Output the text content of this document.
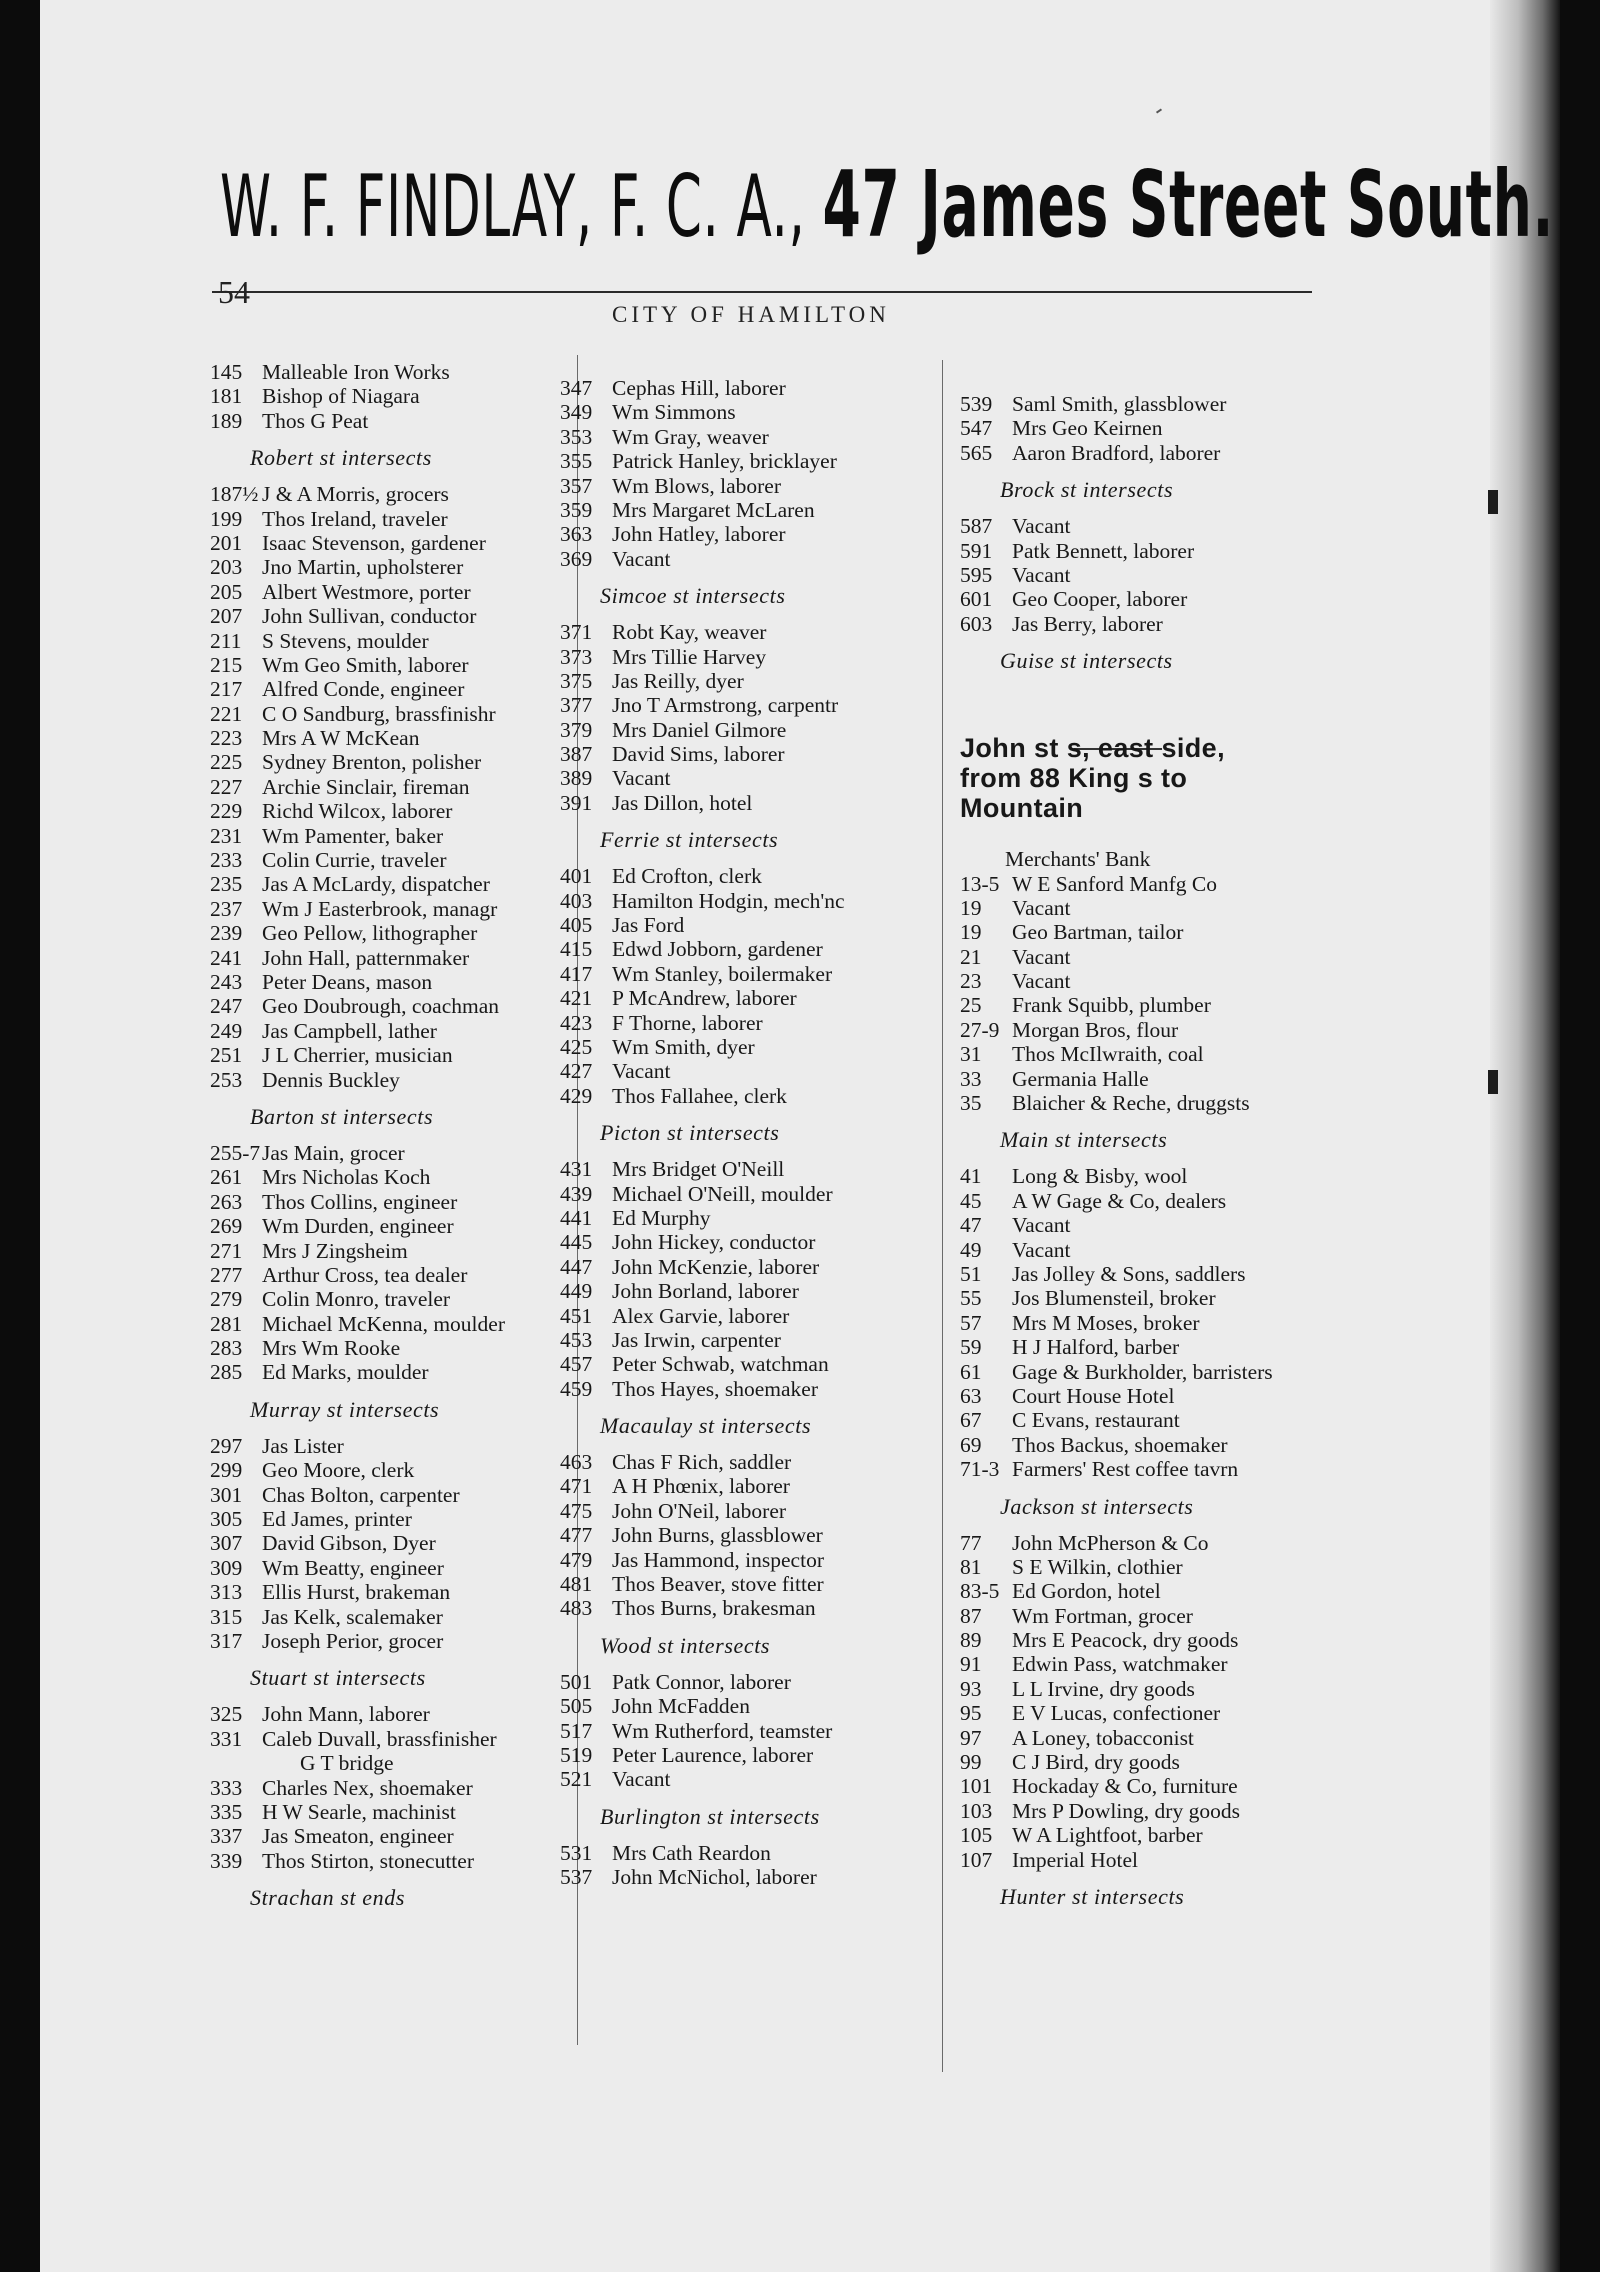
W. F. FINDLAY, F. C. A., 47 James Street South.
54
CITY OF HAMILTON
145 Malleable Iron Works
181 Bishop of Niagara
189 Thos G Peat
Robert st intersects
187½ J & A Morris, grocers
199 Thos Ireland, traveler
201 Isaac Stevenson, gardener
203 Jno Martin, upholsterer
205 Albert Westmore, porter
207 John Sullivan, conductor
211 S Stevens, moulder
215 Wm Geo Smith, laborer
217 Alfred Conde, engineer
221 C O Sandburg, brassfinishr
223 Mrs A W McKean
225 Sydney Brenton, polisher
227 Archie Sinclair, fireman
229 Richd Wilcox, laborer
231 Wm Pamenter, baker
233 Colin Currie, traveler
235 Jas A McLardy, dispatcher
237 Wm J Easterbrook, managr
239 Geo Pellow, lithographer
241 John Hall, patternmaker
243 Peter Deans, mason
247 Geo Doubrough, coachman
249 Jas Campbell, lather
251 J L Cherrier, musician
253 Dennis Buckley
Barton st intersects
255-7Jas Main, grocer
261 Mrs Nicholas Koch
263 Thos Collins, engineer
269 Wm Durden, engineer
271 Mrs J Zingsheim
277 Arthur Cross, tea dealer
279 Colin Monro, traveler
281 Michael McKenna, moulder
283 Mrs Wm Rooke
285 Ed Marks, moulder
Murray st intersects
297 Jas Lister
299 Geo Moore, clerk
301 Chas Bolton, carpenter
305 Ed James, printer
307 David Gibson, Dyer
309 Wm Beatty, engineer
313 Ellis Hurst, brakeman
315 Jas Kelk, scalemaker
317 Joseph Perior, grocer
Stuart st intersects
325 John Mann, laborer
331 Caleb Duvall, brassfinisher
G T bridge
333 Charles Nex, shoemaker
335 H W Searle, machinist
337 Jas Smeaton, engineer
339 Thos Stirton, stonecutter
Strachan st ends
347 Cephas Hill, laborer
349 Wm Simmons
353 Wm Gray, weaver
355 Patrick Hanley, bricklayer
357 Wm Blows, laborer
359 Mrs Margaret McLaren
363 John Hatley, laborer
369 Vacant
Simcoe st intersects
371 Robt Kay, weaver
373 Mrs Tillie Harvey
375 Jas Reilly, dyer
377 Jno T Armstrong, carpentr
379 Mrs Daniel Gilmore
387 David Sims, laborer
389 Vacant
391 Jas Dillon, hotel
Ferrie st intersects
401 Ed Crofton, clerk
403 Hamilton Hodgin, mech'nc
405 Jas Ford
415 Edwd Jobborn, gardener
417 Wm Stanley, boilermaker
421 P McAndrew, laborer
423 F Thorne, laborer
425 Wm Smith, dyer
427 Vacant
429 Thos Fallahee, clerk
Picton st intersects
431 Mrs Bridget O'Neill
439 Michael O'Neill, moulder
441 Ed Murphy
445 John Hickey, conductor
447 John McKenzie, laborer
449 John Borland, laborer
451 Alex Garvie, laborer
453 Jas Irwin, carpenter
457 Peter Schwab, watchman
459 Thos Hayes, shoemaker
Macaulay st intersects
463 Chas F Rich, saddler
471 A H Phœnix, laborer
475 John O'Neil, laborer
477 John Burns, glassblower
479 Jas Hammond, inspector
481 Thos Beaver, stove fitter
483 Thos Burns, brakesman
Wood st intersects
501 Patk Connor, laborer
505 John McFadden
517 Wm Rutherford, teamster
519 Peter Laurence, laborer
521 Vacant
Burlington st intersects
531 Mrs Cath Reardon
537 John McNichol, laborer
539 Saml Smith, glassblower
547 Mrs Geo Keirnen
565 Aaron Bradford, laborer
Brock st intersects
587 Vacant
591 Patk Bennett, laborer
595 Vacant
601 Geo Cooper, laborer
603 Jas Berry, laborer
Guise st intersects
John st s, east side,
from 88 King s to
Mountain
Merchants' Bank
13-5 W E Sanford Manfg Co
19 Vacant
19 Geo Bartman, tailor
21 Vacant
23 Vacant
25 Frank Squibb, plumber
27-9 Morgan Bros, flour
31 Thos McIlwraith, coal
33 Germania Halle
35 Blaicher & Reche, druggsts
Main st intersects
41 Long & Bisby, wool
45 A W Gage & Co, dealers
47 Vacant
49 Vacant
51 Jas Jolley & Sons, saddlers
55 Jos Blumensteil, broker
57 Mrs M Moses, broker
59 H J Halford, barber
61 Gage & Burkholder, barristers
63 Court House Hotel
67 C Evans, restaurant
69 Thos Backus, shoemaker
71-3 Farmers' Rest coffee tavrn
Jackson st intersects
77 John McPherson & Co
81 S E Wilkin, clothier
83-5 Ed Gordon, hotel
87 Wm Fortman, grocer
89 Mrs E Peacock, dry goods
91 Edwin Pass, watchmaker
93 L L Irvine, dry goods
95 E V Lucas, confectioner
97 A Loney, tobacconist
99 C J Bird, dry goods
101 Hockaday & Co, furniture
103 Mrs P Dowling, dry goods
105 W A Lightfoot, barber
107 Imperial Hotel
Hunter st intersects
